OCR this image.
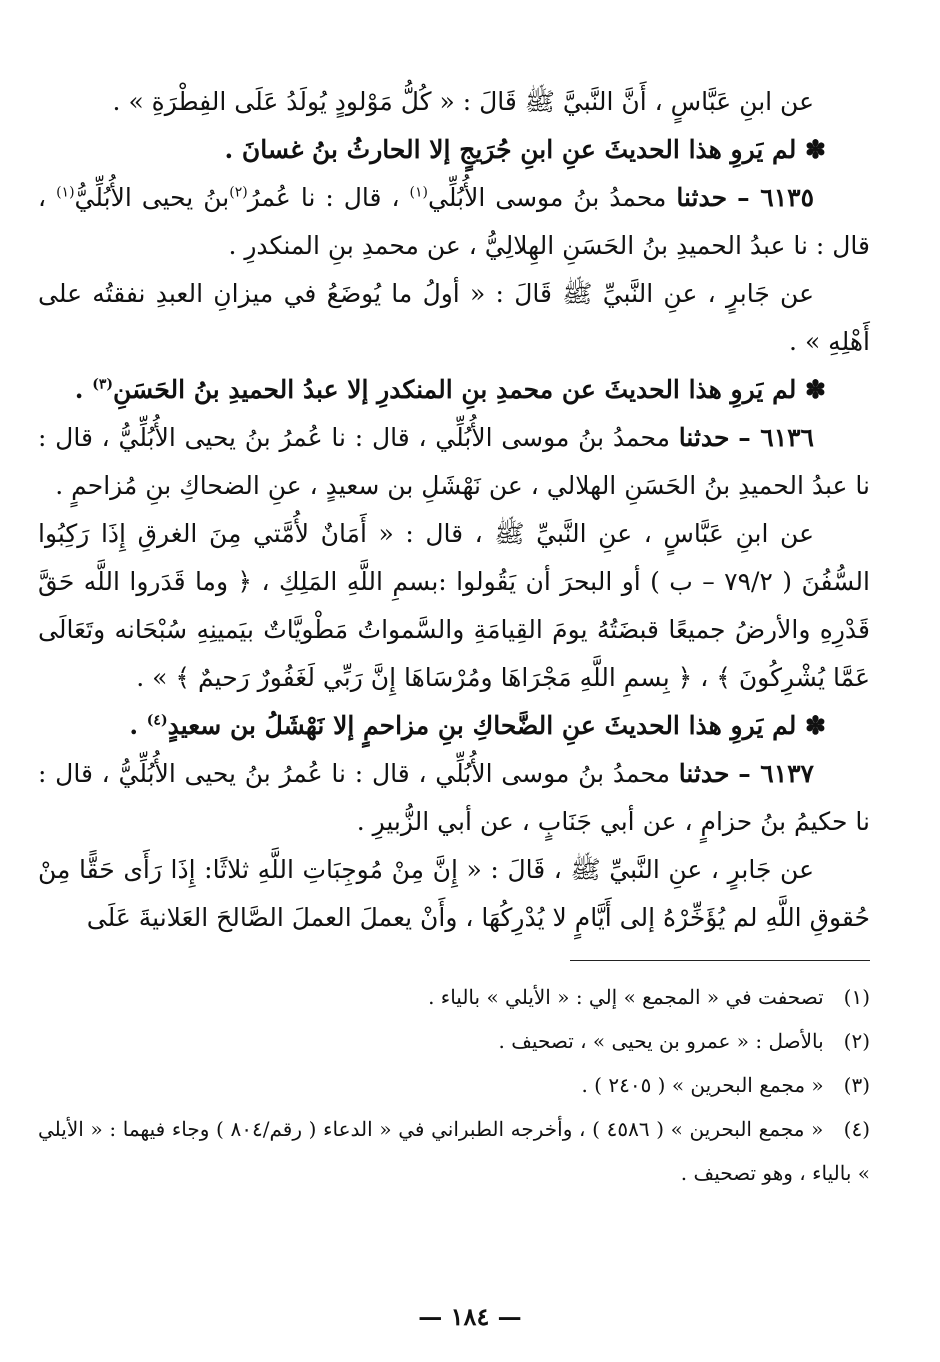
عن ابنِ عَبَّاسٍ ، أَنَّ النَّبيَّ ﷺ قَالَ : « كُلُّ مَوْلودٍ يُولَدُ عَلَى الفِطْرَةِ » .

✽ لم يَروِ هذا الحديثَ عنِ ابنِ جُرَيجٍ إلا الحارثُ بنُ غسانَ .

٦١٣٥ – حدثنا محمدُ بنُ موسى الأُبُلِّي$^{(١)}$ ، قال : نا عُمرُ$^{(٢)}$بنُ يحيى الأُبُلِّيُّ$^{(١)}$ ، قال : نا عبدُ الحميدِ بنُ الحَسَنِ الهِلالِيُّ ، عن محمدِ بنِ المنكدرِ .

عن جَابرٍ ، عنِ النَّبيِّ ﷺ قَالَ : « أولُ ما يُوضَعُ في ميزانِ العبدِ نفقتُه على أَهْلِهِ » .

✽ لم يَروِ هذا الحديثَ عن محمدِ بنِ المنكدرِ إلا عبدُ الحميدِ بنُ الحَسَنِ$^{(٣)}$ .

٦١٣٦ – حدثنا محمدُ بنُ موسى الأُبُلِّي ، قال : نا عُمرُ بنُ يحيى الأُبُلِّيُّ ، قال : نا عبدُ الحميدِ بنُ الحَسَنِ الهلالي ، عن نَهْشَلِ بن سعيدٍ ، عنِ الضحاكِ بنِ مُزاحمٍ .

عن ابنِ عَبَّاسٍ ، عنِ النَّبيِّ ﷺ ، قال : « أَمَانٌ لأُمَّتي مِنَ الغرقِ إِذَا رَكِبُوا السُّفُنَ ( ٧٩/٢ – ب ) أو البحرَ أن يَقُولوا :بسمِ اللَّهِ المَلِكِ ، ﴿ وما قَدَروا اللَّه حَقَّ قَدْرِهِ والأرضُ جميعًا قبضَتُهُ يومَ القِيامَةِ والسَّمواتُ مَطْويَّاتٌ بيَمينِهِ سُبْحَانه وتَعَالَى عَمَّا يُشْرِكُونَ ﴾ ، ﴿ بِسمِ اللَّهِ مَجْرَاهَا ومُرْسَاهَا إِنَّ رَبِّي لَغَفُورٌ رَحيمٌ ﴾ » .

✽ لم يَروِ هذا الحديثَ عنِ الضَّحاكِ بنِ مزاحمٍ إلا نَهْشَلُ بن سعيدٍ$^{(٤)}$ .

٦١٣٧ – حدثنا محمدُ بنُ موسى الأُبُلِّي ، قال : نا عُمرُ بنُ يحيى الأُبُلِّيُّ ، قال : نا حكيمُ بنُ حزامٍ ، عن أبي جَنَابٍ ، عن أبي الزُّبيرِ .

عن جَابرٍ ، عنِ النَّبيِّ ﷺ ، قَالَ : « إِنَّ مِنْ مُوجِبَاتِ اللَّهِ ثلاثًا: إِذَا رَأَى حَقًّا مِنْ حُقوقِ اللَّهِ لم يُؤَخِّرْهُ إلى أَيَّامٍ لا يُدْرِكُهَا ، وأَنْ يعملَ العملَ الصَّالحَ العَلانيةَ عَلَى

(١) تصحفت في « المجمع » إلي : « الأيلي » بالياء .

(٢) بالأصل : « عمرو بن يحيى » ، تصحيف .

(٣) « مجمع البحرين » ( ٢٤٠٥ ) .

(٤) « مجمع البحرين » ( ٤٥٨٦ ) ، وأخرجه الطبراني في « الدعاء ( رقم/٨٠٤ ) وجاء فيهما : « الأيلي » بالياء ، وهو تصحيف .

— ١٨٤ —
